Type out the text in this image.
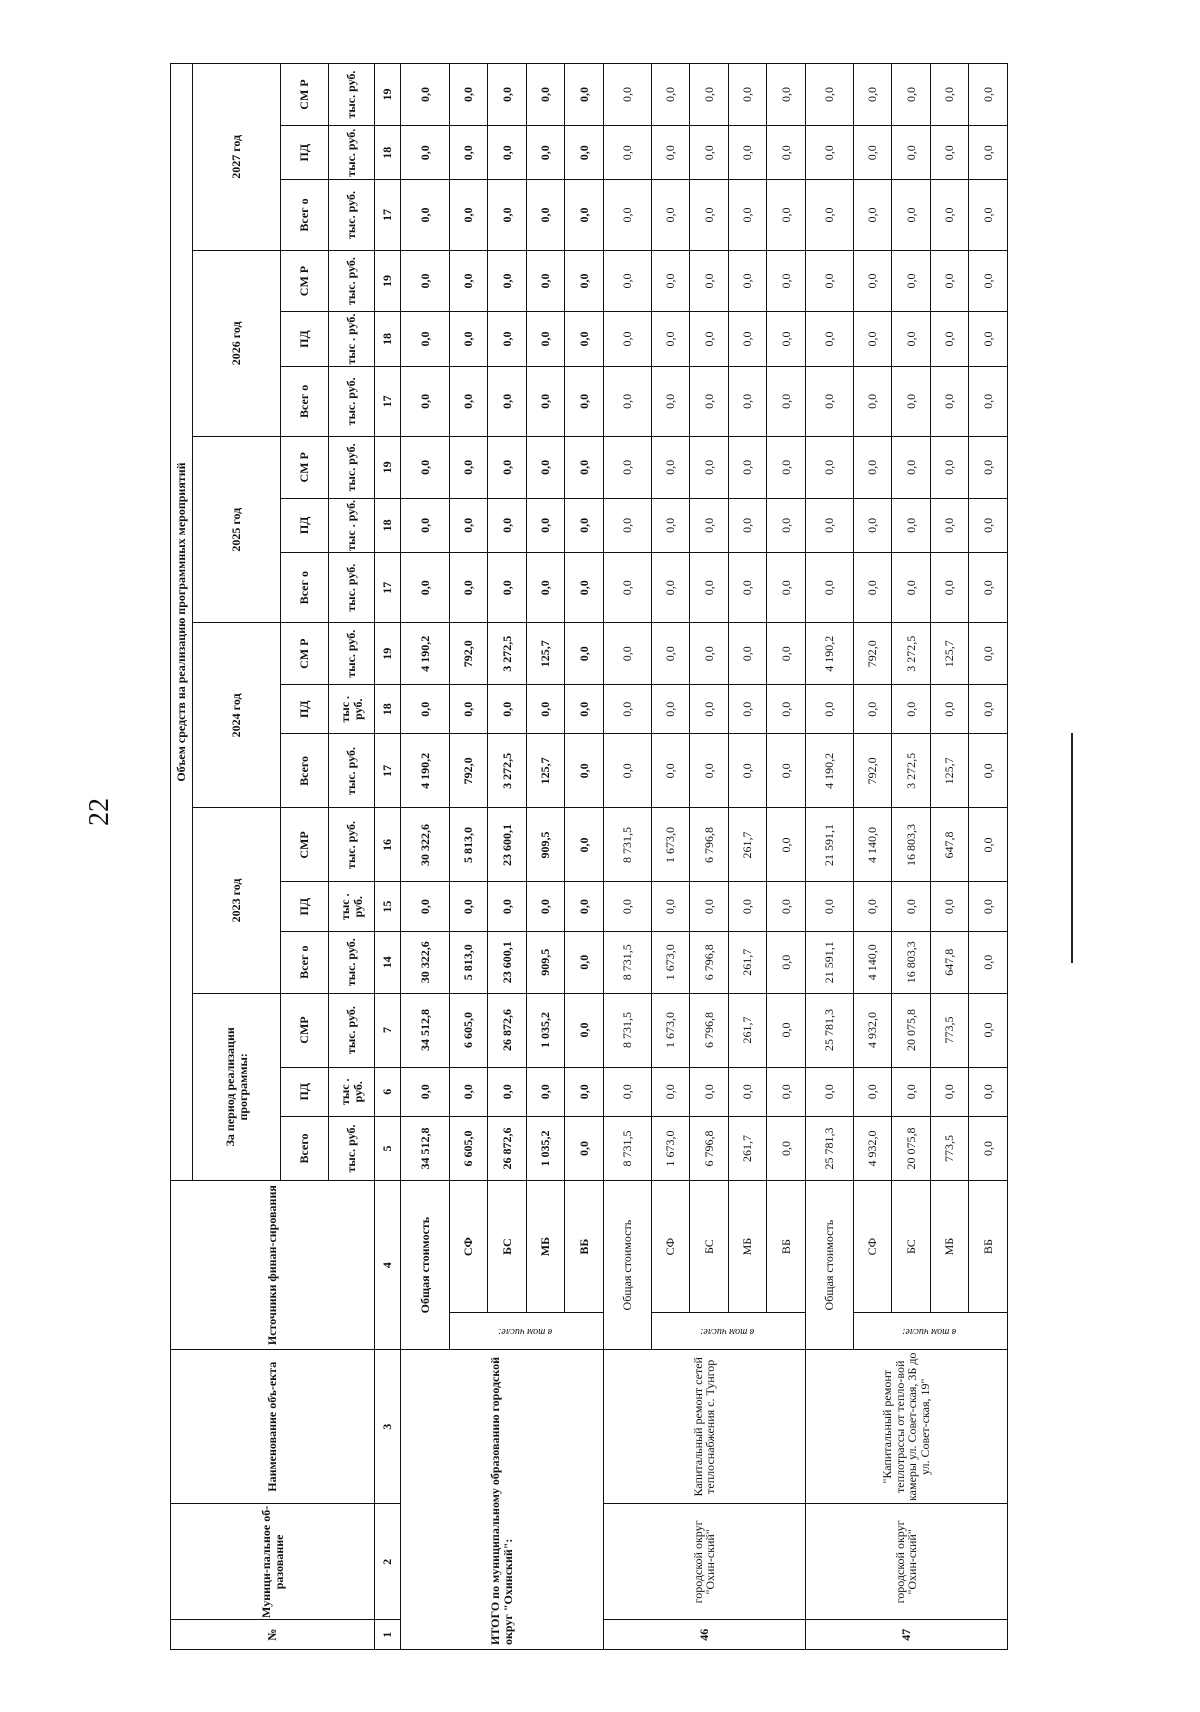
22
№	Муници-пальное об-разование	Наименование объ-екта	Источники финан-сирования		Объем средств на реализацию программных мероприятий																	
					За период реализации программы:			2023 год			2024 год			2025 год			2026 год			2027 год		
					Всего	ПД	СМР	Всег о	ПД	СМР	Всего	ПД	СМ Р	Всег о	ПД	СМ Р	Всег о	ПД	СМ Р	Всег о	ПД	СМ Р
					тыс. руб.	тыс . руб.	тыс. руб.	тыс. руб.	тыс . руб.	тыс. руб.	тыс. руб.	тыс . руб.	тыс. руб.	тыс. руб.	тыс . руб.	тыс. руб.	тыс. руб.	тыс . руб.	тыс. руб.	тыс. руб.	тыс. руб.	тыс. руб.
1	2	3	4		5	6	7	14	15	16	17	18	19	17	18	19	17	18	19	17	18	19
ИТОГО по муниципальному образованию городской округ "Охинский":			Общая стоимость		34 512,8	0,0	34 512,8	30 322,6	0,0	30 322,6	4 190,2	0,0	4 190,2	0,0	0,0	0,0	0,0	0,0	0,0	0,0	0,0	0,0
			в том числе:	СФ	6 605,0	0,0	6 605,0	5 813,0	0,0	5 813,0	792,0	0,0	792,0	0,0	0,0	0,0	0,0	0,0	0,0	0,0	0,0	0,0
				БС	26 872,6	0,0	26 872,6	23 600,1	0,0	23 600,1	3 272,5	0,0	3 272,5	0,0	0,0	0,0	0,0	0,0	0,0	0,0	0,0	0,0
				МБ	1 035,2	0,0	1 035,2	909,5	0,0	909,5	125,7	0,0	125,7	0,0	0,0	0,0	0,0	0,0	0,0	0,0	0,0	0,0
				ВБ	0,0	0,0	0,0	0,0	0,0	0,0	0,0	0,0	0,0	0,0	0,0	0,0	0,0	0,0	0,0	0,0	0,0	0,0
46	городской округ "Охин-ский"	Капитальный ремонт сетей теплоснабжения с. Тунгор	Общая стоимость		8 731,5	0,0	8 731,5	8 731,5	0,0	8 731,5	0,0	0,0	0,0	0,0	0,0	0,0	0,0	0,0	0,0	0,0	0,0	0,0
			в том числе:	СФ	1 673,0	0,0	1 673,0	1 673,0	0,0	1 673,0	0,0	0,0	0,0	0,0	0,0	0,0	0,0	0,0	0,0	0,0	0,0	0,0
				БС	6 796,8	0,0	6 796,8	6 796,8	0,0	6 796,8	0,0	0,0	0,0	0,0	0,0	0,0	0,0	0,0	0,0	0,0	0,0	0,0
				МБ	261,7	0,0	261,7	261,7	0,0	261,7	0,0	0,0	0,0	0,0	0,0	0,0	0,0	0,0	0,0	0,0	0,0	0,0
				ВБ	0,0	0,0	0,0	0,0	0,0	0,0	0,0	0,0	0,0	0,0	0,0	0,0	0,0	0,0	0,0	0,0	0,0	0,0
47	городской округ "Охин-ский"	"Капитальный ремонт теплотрассы от тепло-вой камеры ул. Совет-ская, 3Б до ул. Совет-ская, 19"	Общая стоимость		25 781,3	0,0	25 781,3	21 591,1	0,0	21 591,1	4 190,2	0,0	4 190,2	0,0	0,0	0,0	0,0	0,0	0,0	0,0	0,0	0,0
			в том числе:	СФ	4 932,0	0,0	4 932,0	4 140,0	0,0	4 140,0	792,0	0,0	792,0	0,0	0,0	0,0	0,0	0,0	0,0	0,0	0,0	0,0
				БС	20 075,8	0,0	20 075,8	16 803,3	0,0	16 803,3	3 272,5	0,0	3 272,5	0,0	0,0	0,0	0,0	0,0	0,0	0,0	0,0	0,0
				МБ	773,5	0,0	773,5	647,8	0,0	647,8	125,7	0,0	125,7	0,0	0,0	0,0	0,0	0,0	0,0	0,0	0,0	0,0
				ВБ	0,0	0,0	0,0	0,0	0,0	0,0	0,0	0,0	0,0	0,0	0,0	0,0	0,0	0,0	0,0	0,0	0,0	0,0
